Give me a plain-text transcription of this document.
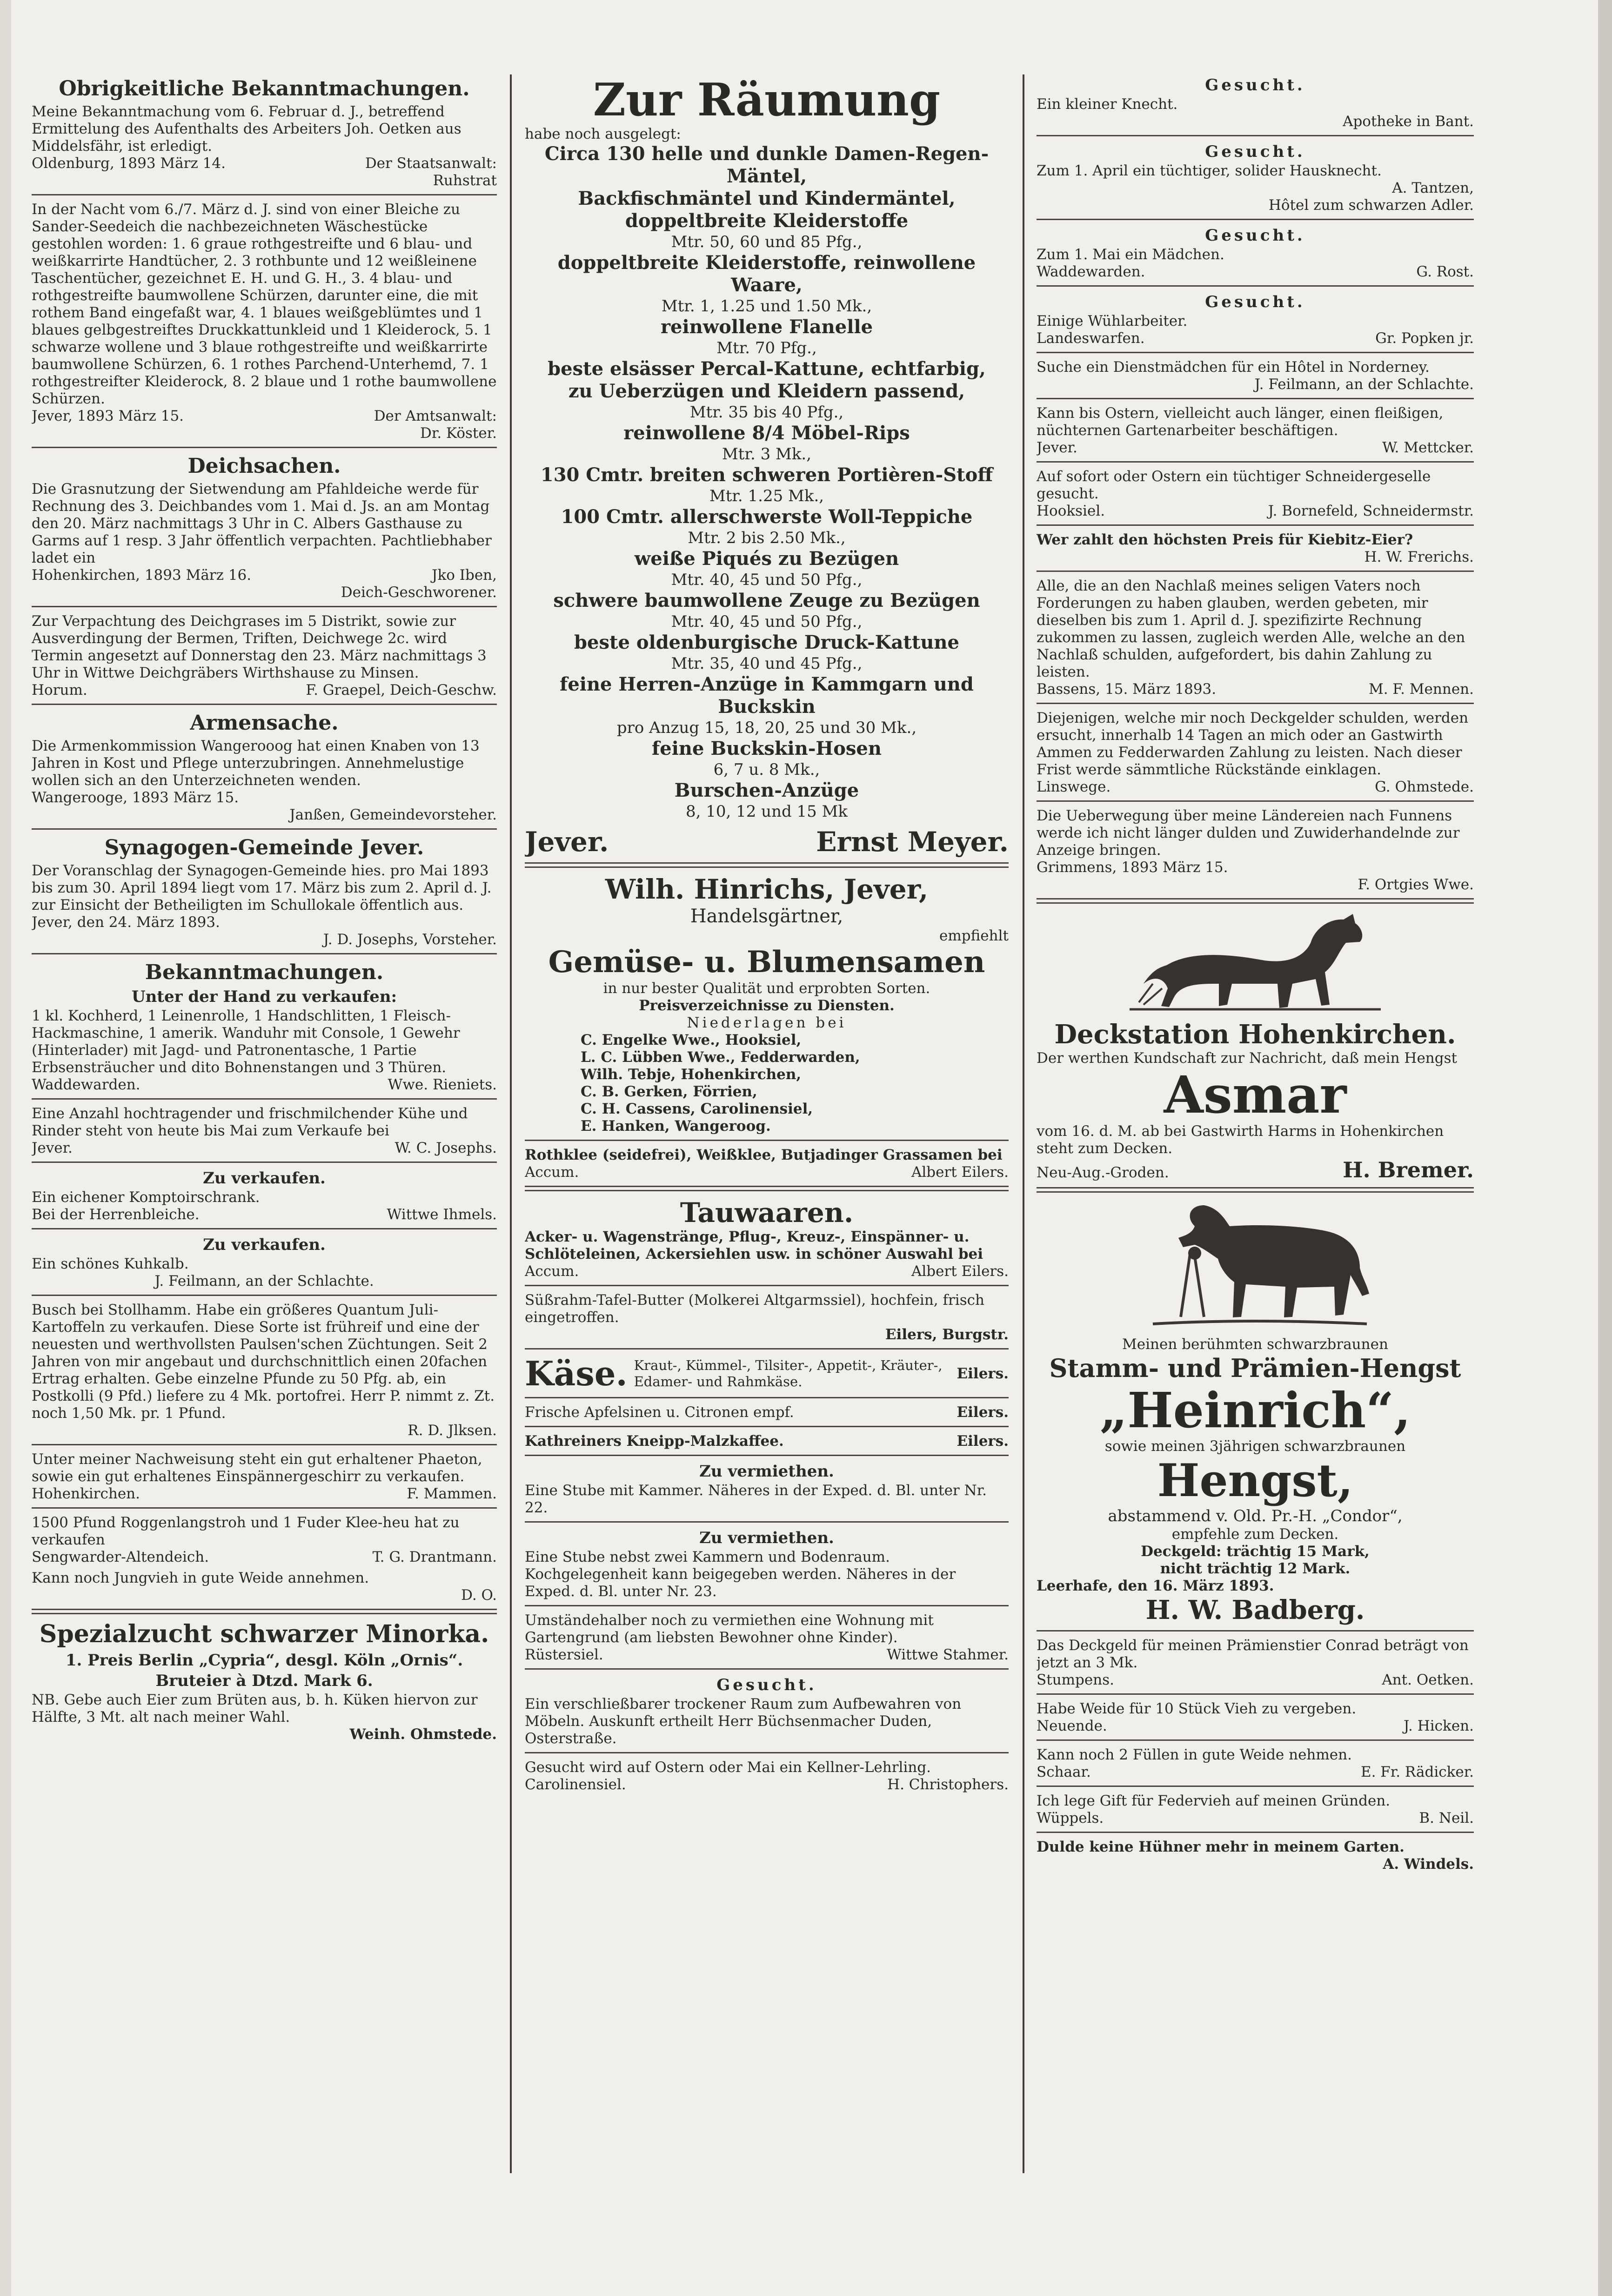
Obrigkeitliche Bekanntmachungen.

Meine Bekanntmachung vom 6. Februar d. J., betreffend Ermittelung des Aufenthalts des Arbeiters Joh. Oetken aus Middelsfähr, ist erledigt.

Oldenburg, 1893 März 14.	Der Staatsanwalt:
Ruhstrat

In der Nacht vom 6./7. März d. J. sind von einer Bleiche zu Sander-Seedeich die nachbezeichneten Wäschestücke gestohlen worden: 1. 6 graue rothgestreifte und 6 blau- und weißkarrirte Handtücher, 2. 3 rothbunte und 12 weißleinene Taschentücher, gezeichnet E. H. und G. H., 3. 4 blau- und rothgestreifte baumwollene Schürzen, darunter eine, die mit rothem Band eingefaßt war, 4. 1 blaues weißgeblümtes und 1 blaues gelbgestreiftes Druckkattunkleid und 1 Kleiderock, 5. 1 schwarze wollene und 3 blaue rothgestreifte und weißkarrirte baumwollene Schürzen, 6. 1 rothes Parchend-Unterhemd, 7. 1 rothgestreifter Kleiderock, 8. 2 blaue und 1 rothe baumwollene Schürzen.

Jever, 1893 März 15.	Der Amtsanwalt:
Dr. Köster.
Deichsachen.

Die Grasnutzung der Sietwendung am Pfahldeiche werde für Rechnung des 3. Deichbandes vom 1. Mai d. Js. an am Montag den 20. März nachmittags 3 Uhr in C. Albers Gasthause zu Garms auf 1 resp. 3 Jahr öffentlich verpachten. Pachtliebhaber ladet ein

Hohenkirchen, 1893 März 16.	Jko Iben,
Deich-Geschworener.

Zur Verpachtung des Deichgrases im 5 Distrikt, sowie zur Ausverdingung der Bermen, Triften, Deichwege 2c. wird Termin angesetzt auf Donnerstag den 23. März nachmittags 3 Uhr in Wittwe Deichgräbers Wirthshause zu Minsen.

Horum.	F. Graepel, Deich-Geschw.
Armensache.

Die Armenkommission Wangerooog hat einen Knaben von 13 Jahren in Kost und Pflege unterzubringen. Annehmelustige wollen sich an den Unterzeichneten wenden.

Wangerooge, 1893 März 15.

Janßen, Gemeindevorsteher.
Synagogen-Gemeinde Jever.

Der Voranschlag der Synagogen-Gemeinde hies. pro Mai 1893 bis zum 30. April 1894 liegt vom 17. März bis zum 2. April d. J. zur Einsicht der Betheiligten im Schullokale öffentlich aus.

Jever, den 24. März 1893.

J. D. Josephs, Vorsteher.
Bekanntmachungen.
Unter der Hand zu verkaufen:

1 kl. Kochherd, 1 Leinenrolle, 1 Handschlitten, 1 Fleisch-Hackmaschine, 1 amerik. Wanduhr mit Console, 1 Gewehr (Hinterlader) mit Jagd- und Patronentasche, 1 Partie Erbsensträucher und dito Bohnenstangen und 3 Thüren.

Waddewarden.	Wwe. Rieniets.

Eine Anzahl hochtragender und frischmilchender Kühe und Rinder steht von heute bis Mai zum Verkaufe bei

Jever.	W. C. Josephs.
Zu verkaufen.

Ein eichener Komptoirschrank.

Bei der Herrenbleiche.	Wittwe Ihmels.
Zu verkaufen.

Ein schönes Kuhkalb.

J. Feilmann, an der Schlachte.

Busch bei Stollhamm. Habe ein größeres Quantum Juli-Kartoffeln zu verkaufen. Diese Sorte ist frühreif und eine der neuesten und werthvollsten Paulsen'schen Züchtungen. Seit 2 Jahren von mir angebaut und durchschnittlich einen 20fachen Ertrag erhalten. Gebe einzelne Pfunde zu 50 Pfg. ab, ein Postkolli (9 Pfd.) liefere zu 4 Mk. portofrei. Herr P. nimmt z. Zt. noch 1,50 Mk. pr. 1 Pfund.

R. D. Jlksen.

Unter meiner Nachweisung steht ein gut erhaltener Phaeton, sowie ein gut erhaltenes Einspännergeschirr zu verkaufen.

Hohenkirchen.	F. Mammen.

1500 Pfund Roggenlangstroh und 1 Fuder Klee-heu hat zu verkaufen

Sengwarder-Altendeich.	T. G. Drantmann.

Kann noch Jungvieh in gute Weide annehmen.

D. O.
Spezialzucht schwarzer Minorka.
1. Preis Berlin „Cypria“, desgl. Köln „Ornis“.
Bruteier à Dtzd. Mark 6.

NB. Gebe auch Eier zum Brüten aus, b. h. Küken hiervon zur Hälfte, 3 Mt. alt nach meiner Wahl.

Weinh. Ohmstede.
Zur Räumung

habe noch ausgelegt:

Circa 130 helle und dunkle Damen-Regen-
Mäntel,
Backfischmäntel und Kindermäntel,
doppeltbreite Kleiderstoffe
Mtr. 50, 60 und 85 Pfg.,
doppeltbreite Kleiderstoffe, reinwollene Waare,
Mtr. 1, 1.25 und 1.50 Mk.,
reinwollene Flanelle
Mtr. 70 Pfg.,
beste elsässer Percal-Kattune, echtfarbig,
zu Ueberzügen und Kleidern passend,
Mtr. 35 bis 40 Pfg.,
reinwollene 8/4 Möbel-Rips
Mtr. 3 Mk.,
130 Cmtr. breiten schweren Portièren-Stoff
Mtr. 1.25 Mk.,
100 Cmtr. allerschwerste Woll-Teppiche
Mtr. 2 bis 2.50 Mk.,
weiße Piqués zu Bezügen
Mtr. 40, 45 und 50 Pfg.,
schwere baumwollene Zeuge zu Bezügen
Mtr. 40, 45 und 50 Pfg.,
beste oldenburgische Druck-Kattune
Mtr. 35, 40 und 45 Pfg.,
feine Herren-Anzüge in Kammgarn und
Buckskin
pro Anzug 15, 18, 20, 25 und 30 Mk.,
feine Buckskin-Hosen
6, 7 u. 8 Mk.,
Burschen-Anzüge
8, 10, 12 und 15 Mk
Jever.	Ernst Meyer.
Wilh. Hinrichs, Jever,
Handelsgärtner,
empfiehlt
Gemüse- u. Blumensamen
in nur bester Qualität und erprobten Sorten.
Preisverzeichnisse zu Diensten.
Niederlagen bei
C. Engelke Wwe., Hooksiel,
L. C. Lübben Wwe., Fedderwarden,
Wilh. Tebje, Hohenkirchen,
C. B. Gerken, Förrien,
C. H. Cassens, Carolinensiel,
E. Hanken, Wangeroog.

Rothklee (seidefrei), Weißklee, Butjadinger Grassamen bei

Accum.	Albert Eilers.
Tauwaaren.

Acker- u. Wagenstränge, Pflug-, Kreuz-, Einspänner- u. Schlöteleinen, Ackersiehlen usw. in schöner Auswahl bei

Accum.	Albert Eilers.

Süßrahm-Tafel-Butter (Molkerei Altgarmssiel), hochfein, frisch eingetroffen.

Eilers, Burgstr.
Käse. Kraut-, Kümmel-, Tilsiter-, Appetit-, Kräuter-, Edamer- und Rahmkäse.	Eilers.
Frische Apfelsinen u. Citronen empf.	Eilers.
Kathreiners Kneipp-Malzkaffee.	Eilers.
Zu vermiethen.

Eine Stube mit Kammer. Näheres in der Exped. d. Bl. unter Nr. 22.

Zu vermiethen.

Eine Stube nebst zwei Kammern und Bodenraum. Kochgelegenheit kann beigegeben werden. Näheres in der Exped. d. Bl. unter Nr. 23.

Umständehalber noch zu vermiethen eine Wohnung mit Gartengrund (am liebsten Bewohner ohne Kinder).

Rüstersiel.	Wittwe Stahmer.
Gesucht.

Ein verschließbarer trockener Raum zum Aufbewahren von Möbeln. Auskunft ertheilt Herr Büchsenmacher Duden, Osterstraße.

Gesucht wird auf Ostern oder Mai ein Kellner-Lehrling.

Carolinensiel.	H. Christophers.
Gesucht.

Ein kleiner Knecht.

Apotheke in Bant.
Gesucht.

Zum 1. April ein tüchtiger, solider Hausknecht.

A. Tantzen,
Hôtel zum schwarzen Adler.
Gesucht.

Zum 1. Mai ein Mädchen.

Waddewarden.	G. Rost.
Gesucht.

Einige Wühlarbeiter.

Landeswarfen.	Gr. Popken jr.

Suche ein Dienstmädchen für ein Hôtel in Norderney.

J. Feilmann, an der Schlachte.

Kann bis Ostern, vielleicht auch länger, einen fleißigen, nüchternen Gartenarbeiter beschäftigen.

Jever.	W. Mettcker.

Auf sofort oder Ostern ein tüchtiger Schneidergeselle gesucht.

Hooksiel.	J. Bornefeld, Schneidermstr.

Wer zahlt den höchsten Preis für Kiebitz-Eier?

H. W. Frerichs.

Alle, die an den Nachlaß meines seligen Vaters noch Forderungen zu haben glauben, werden gebeten, mir dieselben bis zum 1. April d. J. spezifizirte Rechnung zukommen zu lassen, zugleich werden Alle, welche an den Nachlaß schulden, aufgefordert, bis dahin Zahlung zu leisten.

Bassens, 15. März 1893.	M. F. Mennen.

Diejenigen, welche mir noch Deckgelder schulden, werden ersucht, innerhalb 14 Tagen an mich oder an Gastwirth Ammen zu Fedderwarden Zahlung zu leisten. Nach dieser Frist werde sämmtliche Rückstände einklagen.

Linswege.	G. Ohmstede.

Die Ueberwegung über meine Ländereien nach Funnens werde ich nicht länger dulden und Zuwiderhandelnde zur Anzeige bringen.

Grimmens, 1893 März 15.

F. Ortgies Wwe.
Deckstation Hohenkirchen.

Der werthen Kundschaft zur Nachricht, daß mein Hengst

Asmar

vom 16. d. M. ab bei Gastwirth Harms in Hohenkirchen steht zum Decken.

Neu-Aug.-Groden.	H. Bremer.
Meinen berühmten schwarzbraunen
Stamm- und Prämien-Hengst
„Heinrich“,
sowie meinen 3jährigen schwarzbraunen
Hengst,
abstammend v. Old. Pr.-H. „Condor“,
empfehle zum Decken.
Deckgeld: trächtig 15 Mark,
nicht trächtig 12 Mark.

Leerhafe, den 16. März 1893.

H. W. Badberg.

Das Deckgeld für meinen Prämienstier Conrad beträgt von jetzt an 3 Mk.

Stumpens.	Ant. Oetken.

Habe Weide für 10 Stück Vieh zu vergeben.

Neuende.	J. Hicken.

Kann noch 2 Füllen in gute Weide nehmen.

Schaar.	E. Fr. Rädicker.

Ich lege Gift für Federvieh auf meinen Gründen.

Wüppels.	B. Neil.

Dulde keine Hühner mehr in meinem Garten.

A. Windels.
